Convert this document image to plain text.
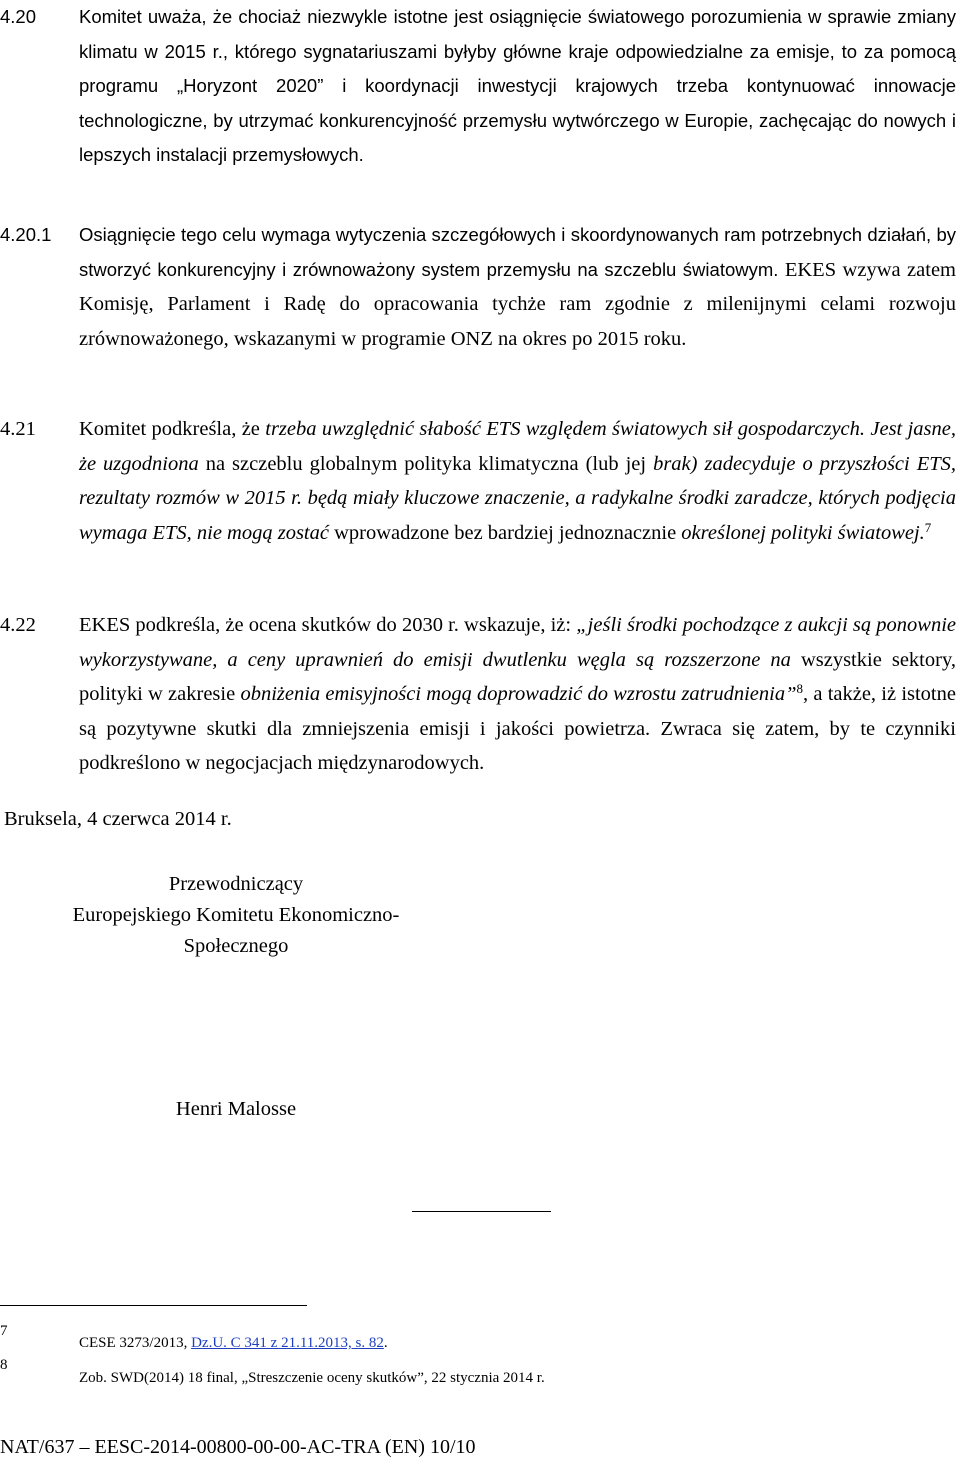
4.20 Komitet uważa, że chociaż niezwykle istotne jest osiągnięcie światowego porozumienia w sprawie zmiany klimatu w 2015 r., którego sygnatariuszami byłyby główne kraje odpowiedzialne za emisje, to za pomocą programu „Horyzont 2020” i koordynacji inwestycji krajowych trzeba kontynuować innowacje technologiczne, by utrzymać konkurencyjność przemysłu wytwórczego w Europie, zachęcając do nowych i lepszych instalacji przemysłowych.
4.20.1 Osiągnięcie tego celu wymaga wytyczenia szczegółowych i skoordynowanych ram potrzebnych działań, by stworzyć konkurencyjny i zrównoważony system przemysłu na szczeblu światowym. EKES wzywa zatem Komisję, Parlament i Radę do opracowania tychże ram zgodnie z milenijnymi celami rozwoju zrównoważonego, wskazanymi w programie ONZ na okres po 2015 roku.
4.21 Komitet podkreśla, że trzeba uwzględnić słabość ETS względem światowych sił gospodarczych. Jest jasne, że uzgodniona na szczeblu globalnym polityka klimatyczna (lub jej brak) zadecyduje o przyszłości ETS, rezultaty rozmów w 2015 r. będą miały kluczowe znaczenie, a radykalne środki zaradcze, których podjęcia wymaga ETS, nie mogą zostać wprowadzone bez bardziej jednoznacznie określonej polityki światowej.$^7$
4.22 EKES podkreśla, że ocena skutków do 2030 r. wskazuje, iż: „jeśli środki pochodzące z aukcji są ponownie wykorzystywane, a ceny uprawnień do emisji dwutlenku węgla są rozszerzone na wszystkie sektory, polityki w zakresie obniżenia emisyjności mogą doprowadzić do wzrostu zatrudnienia”$^8$, a także, iż istotne są pozytywne skutki dla zmniejszenia emisji i jakości powietrza. Zwraca się zatem, by te czynniki podkreślono w negocjacjach międzynarodowych.
Bruksela, 4 czerwca 2014 r.
Przewodniczący
Europejskiego Komitetu Ekonomiczno-
Społecznego
Henri Malosse
7
CESE 3273/2013, Dz.U. C 341 z 21.11.2013, s. 82.
8
Zob. SWD(2014) 18 final, „Streszczenie oceny skutków”, 22 stycznia 2014 r.
NAT/637 – EESC-2014-00800-00-00-AC-TRA (EN) 10/10
